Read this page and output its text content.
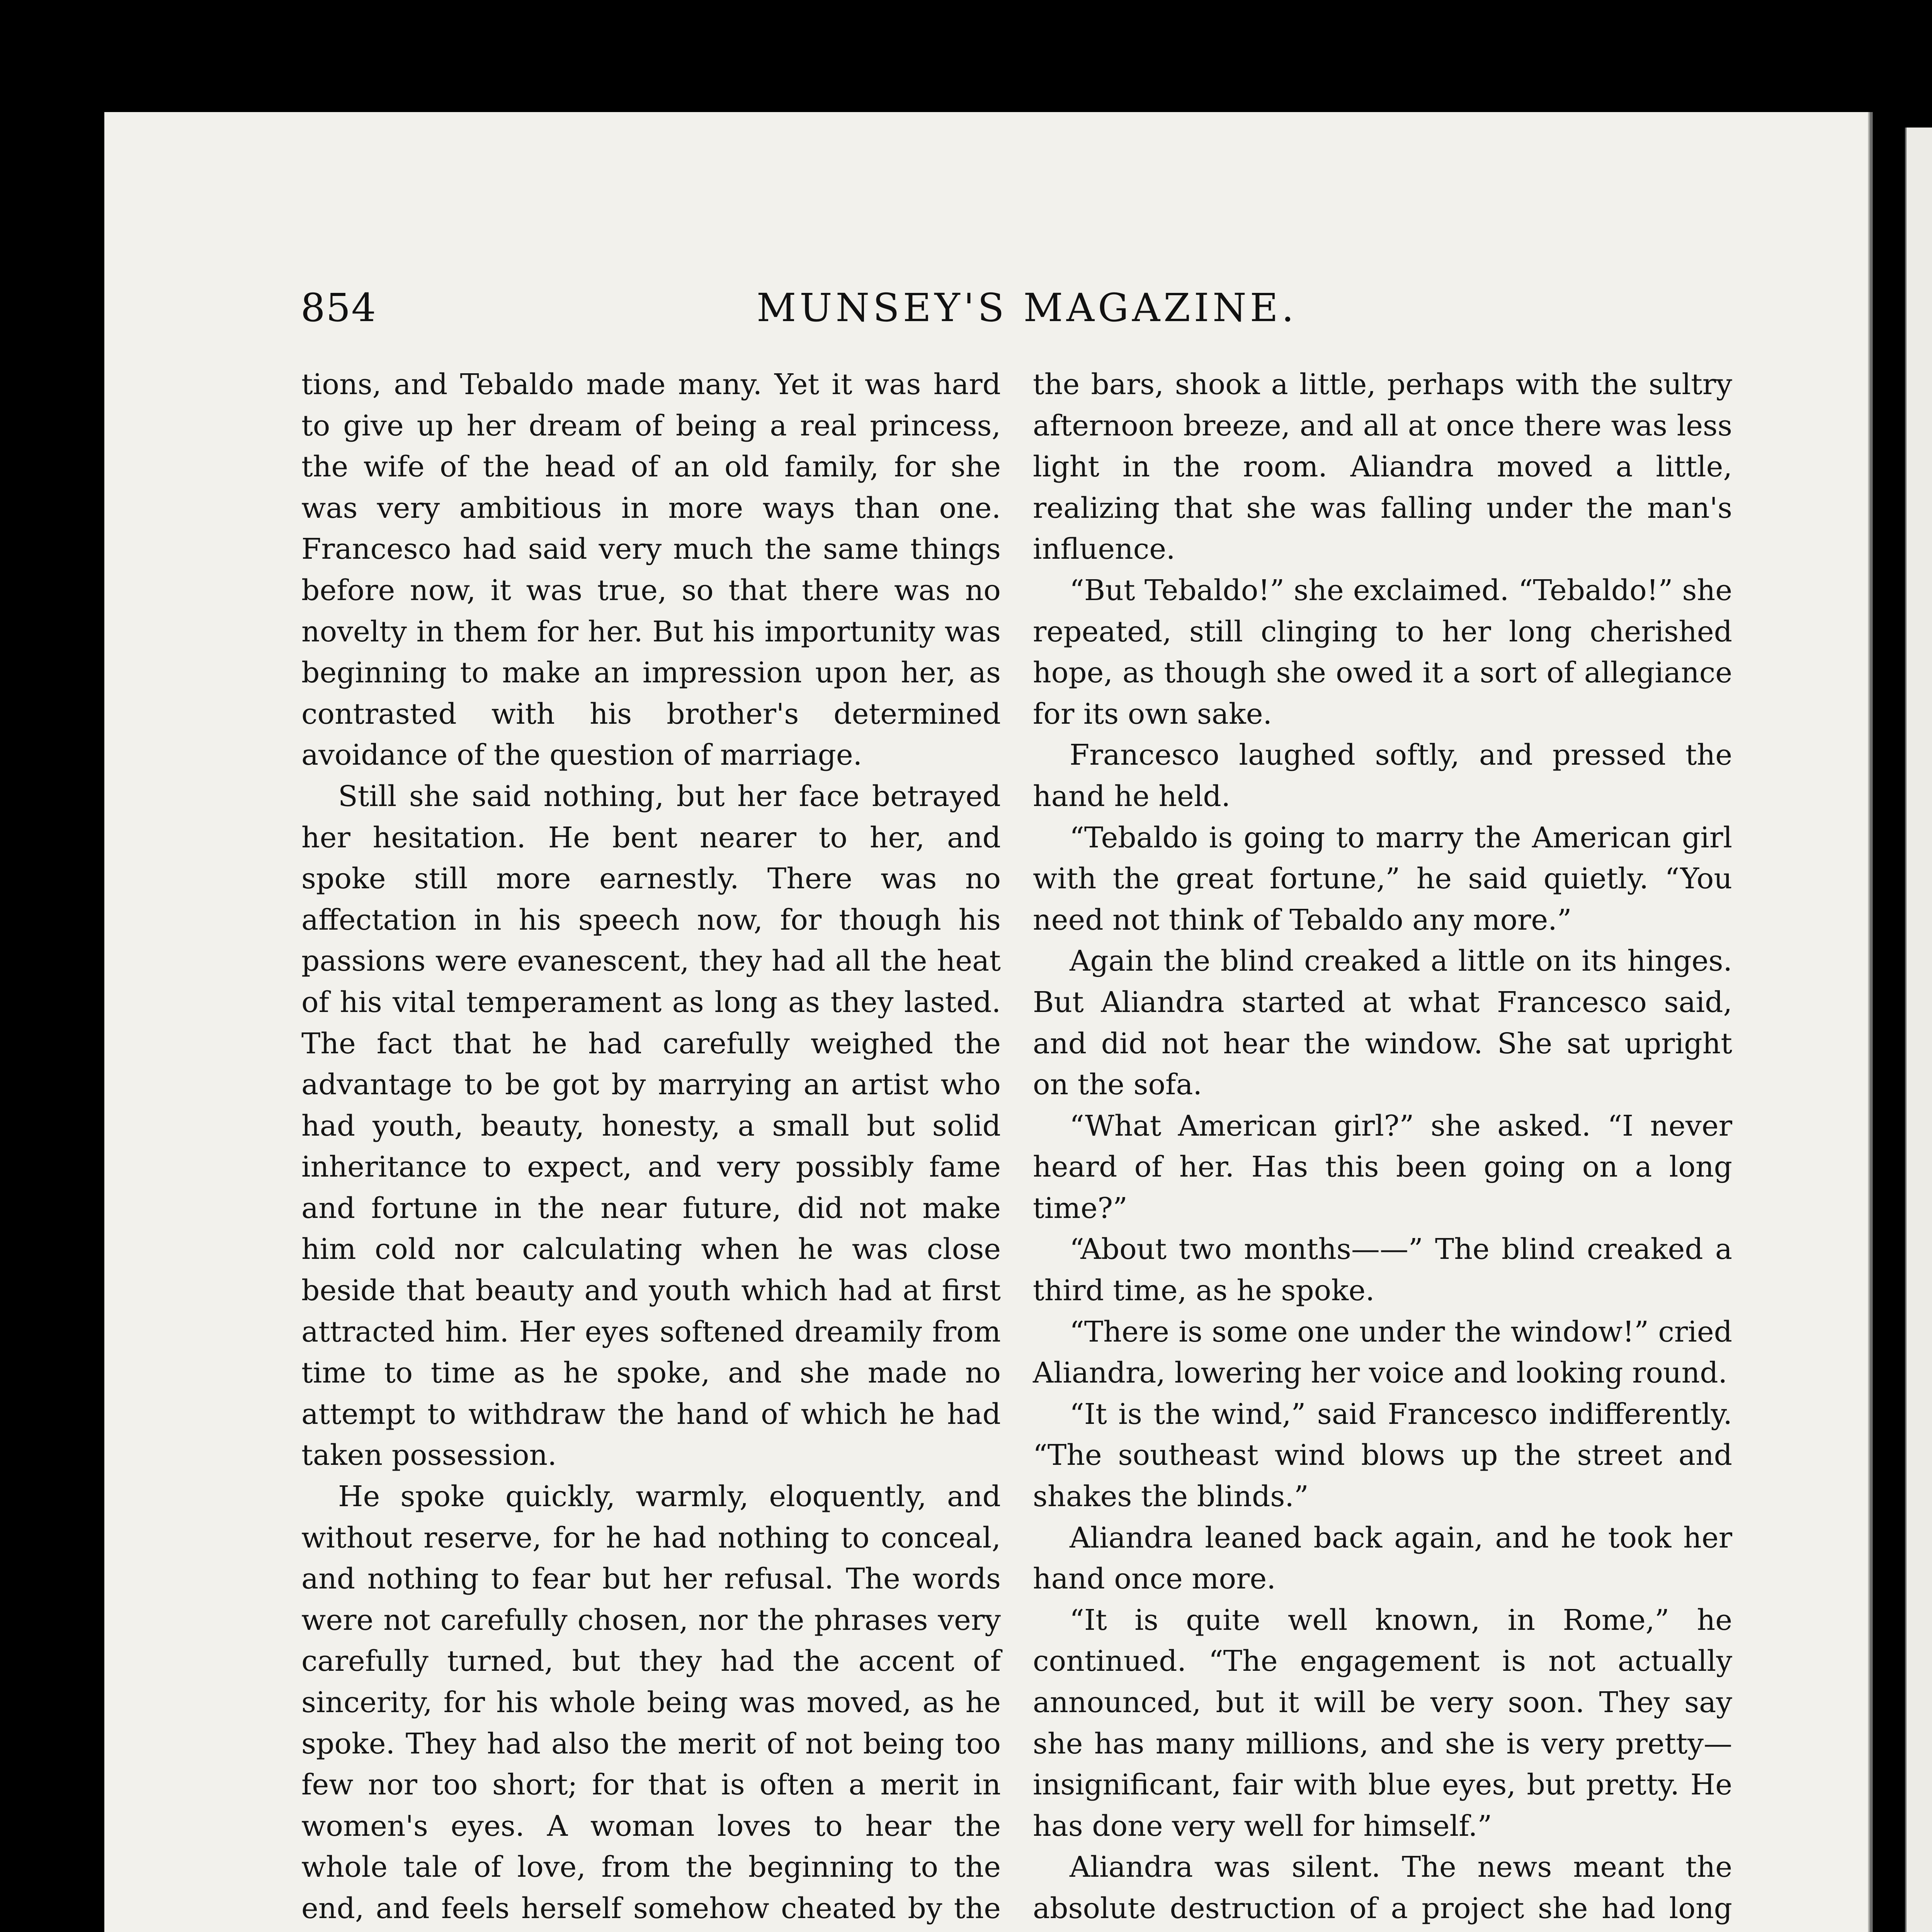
854	MUNSEY'S MAGAZINE.

tions, and Tebaldo made many. Yet it was hard to give up her dream of being a real princess, the wife of the head of an old family, for she was very ambitious in more ways than one. Francesco had said very much the same things before now, it was true, so that there was no novelty in them for her. But his importunity was beginning to make an impression upon her, as contrasted with his brother's determined avoidance of the question of marriage.

Still she said nothing, but her face betrayed her hesitation. He bent nearer to her, and spoke still more earnestly. There was no affectation in his speech now, for though his passions were evanescent, they had all the heat of his vital temperament as long as they lasted. The fact that he had carefully weighed the advantage to be got by marrying an artist who had youth, beauty, honesty, a small but solid inheritance to expect, and very possibly fame and fortune in the near future, did not make him cold nor calculating when he was close beside that beauty and youth which had at first attracted him. Her eyes softened dreamily from time to time as he spoke, and she made no attempt to withdraw the hand of which he had taken possession.

He spoke quickly, warmly, eloquently, and without reserve, for he had nothing to conceal, and nothing to fear but her refusal. The words were not carefully chosen, nor the phrases very carefully turned, but they had the accent of sincerity, for his whole being was moved, as he spoke. They had also the merit of not being too few nor too short; for that is often a merit in women's eyes. A woman loves to hear the whole tale of love, from the beginning to the end, and feels herself somehow cheated by the

the bars, shook a little, perhaps with the sultry afternoon breeze, and all at once there was less light in the room. Aliandra moved a little, realizing that she was falling under the man's influence.

“But Tebaldo!” she exclaimed. “Tebaldo!” she repeated, still clinging to her long cherished hope, as though she owed it a sort of allegiance for its own sake.

Francesco laughed softly, and pressed the hand he held.

“Tebaldo is going to marry the American girl with the great fortune,” he said quietly. “You need not think of Tebaldo any more.”

Again the blind creaked a little on its hinges. But Aliandra started at what Francesco said, and did not hear the window. She sat upright on the sofa.

“What American girl?” she asked. “I never heard of her. Has this been going on a long time?”

“About two months——” The blind creaked a third time, as he spoke.

“There is some one under the window!” cried Aliandra, lowering her voice and looking round.

“It is the wind,” said Francesco indifferently. “The southeast wind blows up the street and shakes the blinds.”

Aliandra leaned back again, and he took her hand once more.

“It is quite well known, in Rome,” he continued. “The engagement is not actually announced, but it will be very soon. They say she has many millions, and she is very pretty—insignificant, fair with blue eyes, but pretty. He has done very well for himself.”

Aliandra was silent. The news meant the absolute destruction of a project she had long
